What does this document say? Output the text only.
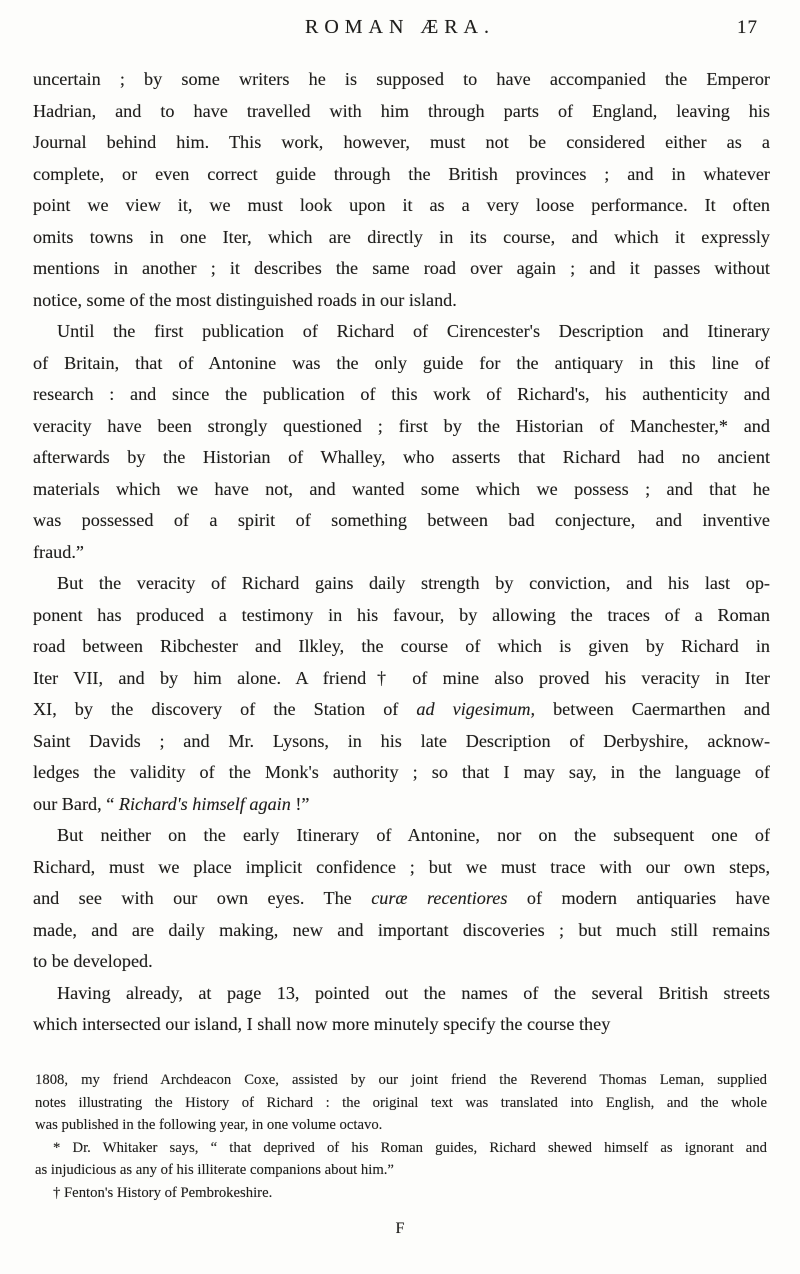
ROMAN ÆRA.	17
uncertain ; by some writers he is supposed to have accompanied the Emperor
Hadrian, and to have travelled with him through parts of England, leaving his
Journal behind him. This work, however, must not be considered either as a
complete, or even correct guide through the British provinces ; and in whatever
point we view it, we must look upon it as a very loose performance. It often
omits towns in one Iter, which are directly in its course, and which it expressly
mentions in another ; it describes the same road over again ; and it passes without
notice, some of the most distinguished roads in our island.
Until the first publication of Richard of Cirencester's Description and Itinerary
of Britain, that of Antonine was the only guide for the antiquary in this line of
research : and since the publication of this work of Richard's, his authenticity and
veracity have been strongly questioned ; first by the Historian of Manchester,* and
afterwards by the Historian of Whalley, who asserts that Richard had no ancient
materials which we have not, and wanted some which we possess ; and that he
was possessed of a spirit of something between bad conjecture, and inventive
fraud.”
But the veracity of Richard gains daily strength by conviction, and his last op-
ponent has produced a testimony in his favour, by allowing the traces of a Roman
road between Ribchester and Ilkley, the course of which is given by Richard in
Iter VII, and by him alone. A friend† of mine also proved his veracity in Iter
XI, by the discovery of the Station of ad vigesimum, between Caermarthen and
Saint Davids ; and Mr. Lysons, in his late Description of Derbyshire, acknow-
ledges the validity of the Monk's authority ; so that I may say, in the language of
our Bard, “ Richard's himself again !”
But neither on the early Itinerary of Antonine, nor on the subsequent one of
Richard, must we place implicit confidence ; but we must trace with our own steps,
and see with our own eyes. The curæ recentiores of modern antiquaries have
made, and are daily making, new and important discoveries ; but much still remains
to be developed.
Having already, at page 13, pointed out the names of the several British streets
which intersected our island, I shall now more minutely specify the course they
1808, my friend Archdeacon Coxe, assisted by our joint friend the Reverend Thomas Leman, supplied
notes illustrating the History of Richard : the original text was translated into English, and the whole
was published in the following year, in one volume octavo.
* Dr. Whitaker says, “ that deprived of his Roman guides, Richard shewed himself as ignorant and
as injudicious as any of his illiterate companions about him.”
† Fenton's History of Pembrokeshire.
F
